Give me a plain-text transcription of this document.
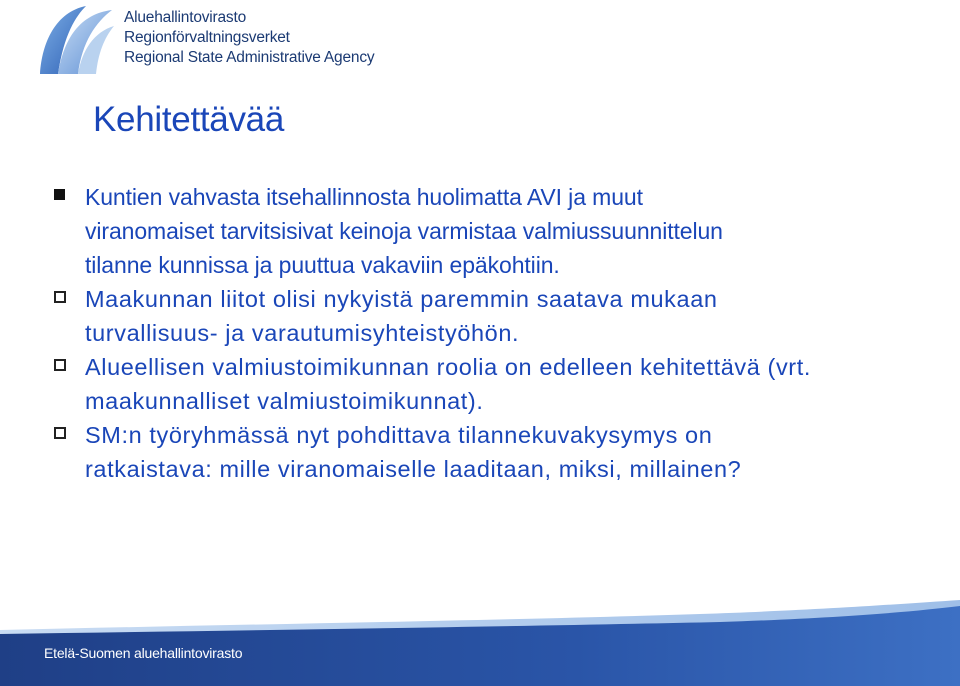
Aluehallintovirasto
Regionförvaltningsverket
Regional State Administrative Agency
Kehitettävää
Kuntien vahvasta itsehallinnosta huolimatta AVI ja muut
viranomaiset tarvitsisivat keinoja varmistaa valmiussuunnittelun
tilanne kunnissa ja puuttua vakaviin epäkohtiin.
Maakunnan liitot olisi nykyistä paremmin saatava mukaan
turvallisuus- ja varautumisyhteistyöhön.
Alueellisen valmiustoimikunnan roolia on edelleen kehitettävä (vrt.
maakunnalliset valmiustoimikunnat).
SM:n työryhmässä nyt pohdittava tilannekuvakysymys on
ratkaistava: mille viranomaiselle laaditaan, miksi, millainen?
Etelä-Suomen aluehallintovirasto
